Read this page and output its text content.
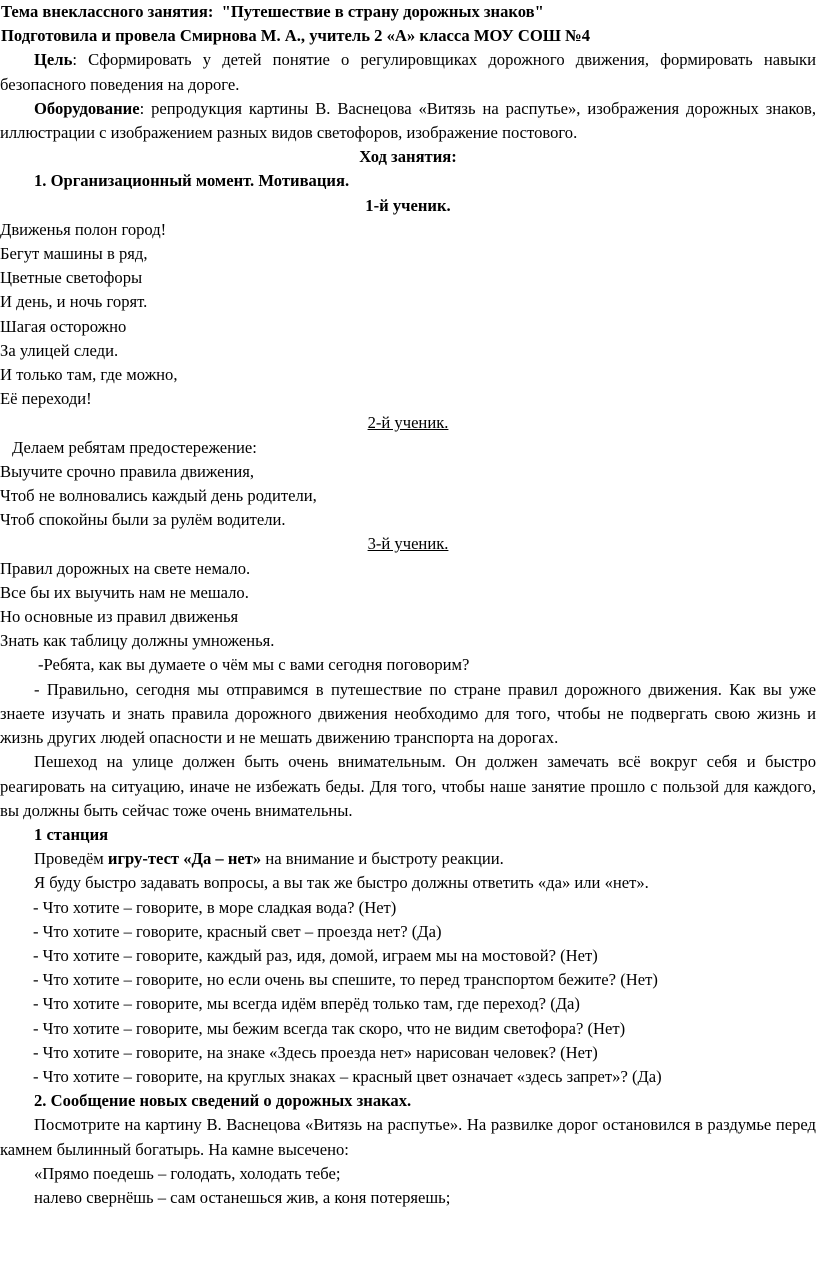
Тема внеклассного занятия: "Путешествие в страну дорожных знаков"

Подготовила и провела Смирнова М. А., учитель 2 «А» класса МОУ СОШ №4

Цель: Сформировать у детей понятие о регулировщиках дорожного движения, формировать навыки безопасного поведения на дороге.

Оборудование: репродукция картины В. Васнецова «Витязь на распутье», изображения дорожных знаков, иллюстрации с изображением разных видов светофоров, изображение постового.

Ход занятия:

1. Организационный момент. Мотивация.

1-й ученик.

Движенья полон город!

Бегут машины в ряд,

Цветные светофоры

И день, и ночь горят.

Шагая осторожно

За улицей следи.

И только там, где можно,

Её переходи!

2-й ученик.

Делаем ребятам предостережение:

Выучите срочно правила движения,

Чтоб не волновались каждый день родители,

Чтоб спокойны были за рулём водители.

3-й ученик.

Правил дорожных на свете немало.

Все бы их выучить нам не мешало.

Но основные из правил движенья

Знать как таблицу должны умноженья.

-Ребята, как вы думаете о чём мы с вами сегодня поговорим?

- Правильно, сегодня мы отправимся в путешествие по стране правил дорожного движения. Как вы уже знаете изучать и знать правила дорожного движения необходимо для того, чтобы не подвергать свою жизнь и жизнь других людей опасности и не мешать движению транспорта на дорогах.

Пешеход на улице должен быть очень внимательным. Он должен замечать всё вокруг себя и быстро реагировать на ситуацию, иначе не избежать беды. Для того, чтобы наше занятие прошло с пользой для каждого, вы должны быть сейчас тоже очень внимательны.

1 станция

Проведём игру-тест «Да – нет» на внимание и быстроту реакции.

Я буду быстро задавать вопросы, а вы так же быстро должны ответить «да» или «нет».

- Что хотите – говорите, в море сладкая вода? (Нет)

- Что хотите – говорите, красный свет – проезда нет? (Да)

- Что хотите – говорите, каждый раз, идя, домой, играем мы на мостовой? (Нет)

- Что хотите – говорите, но если очень вы спешите, то перед транспортом бежите? (Нет)

- Что хотите – говорите, мы всегда идём вперёд только там, где переход? (Да)

- Что хотите – говорите, мы бежим всегда так скоро, что не видим светофора? (Нет)

- Что хотите – говорите, на знаке «Здесь проезда нет» нарисован человек? (Нет)

- Что хотите – говорите, на круглых знаках – красный цвет означает «здесь запрет»? (Да)

2. Сообщение новых сведений о дорожных знаках.

Посмотрите на картину В. Васнецова «Витязь на распутье». На развилке дорог остановился в раздумье перед камнем былинный богатырь. На камне высечено:

«Прямо поедешь – голодать, холодать тебе;

налево свернёшь – сам останешься жив, а коня потеряешь;
